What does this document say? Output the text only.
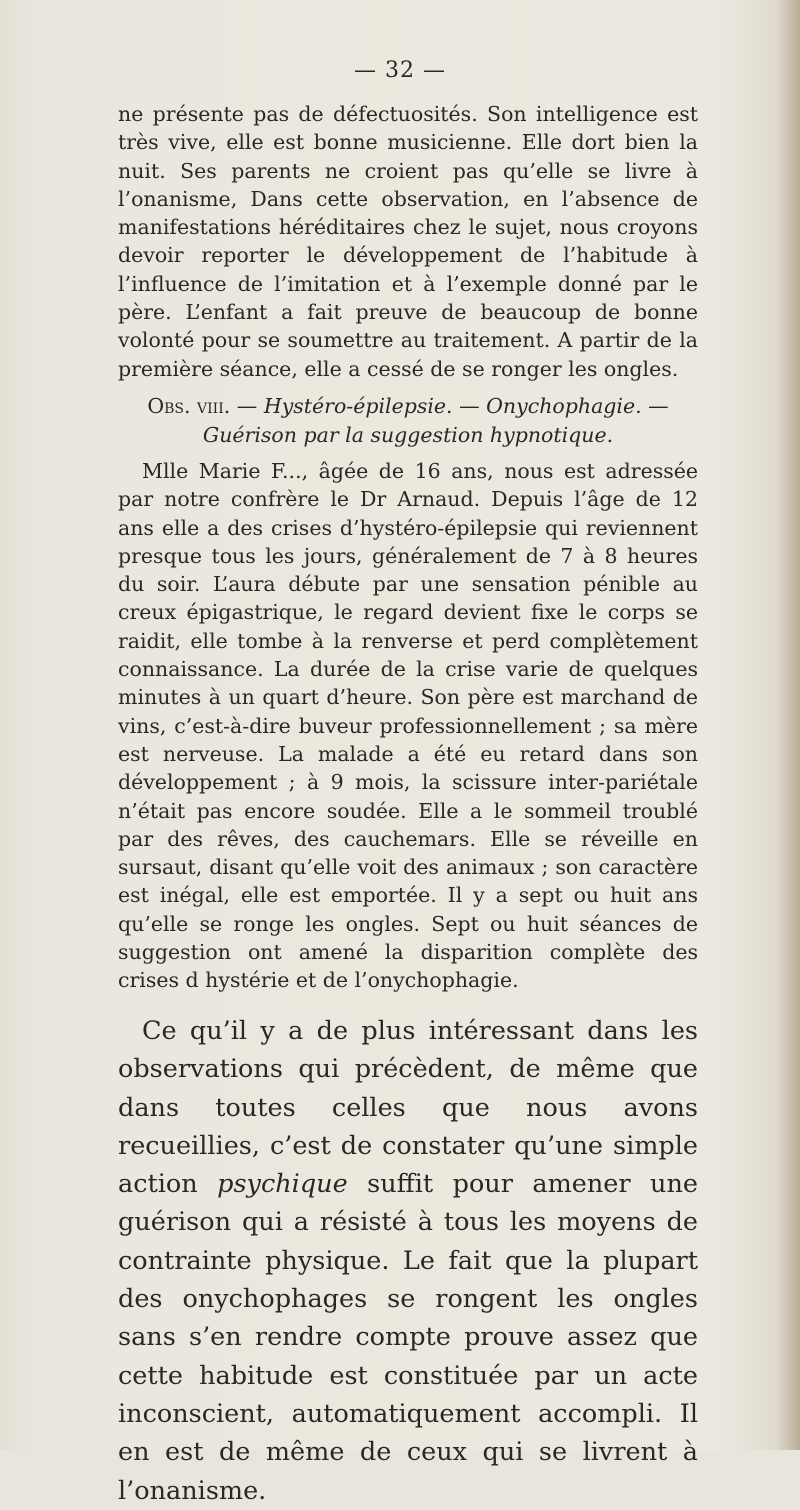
— 32 —

ne présente pas de défectuosités. Son intelligence est très vive, elle est bonne musicienne. Elle dort bien la nuit. Ses parents ne croient pas qu’elle se livre à l’onanisme, Dans cette observation, en l’absence de manifestations héréditaires chez le sujet, nous croyons devoir reporter le développement de l’habitude à l’influence de l’imitation et à l’exemple donné par le père. L’enfant a fait preuve de beaucoup de bonne volonté pour se soumettre au traitement. A partir de la première séance, elle a cessé de se ronger les ongles.

Obs. viii. — Hystéro-épilepsie. — Onychophagie. —
Guérison par la suggestion hypnotique.

Mlle Marie F..., âgée de 16 ans, nous est adressée par notre confrère le Dr Arnaud. Depuis l’âge de 12 ans elle a des crises d’hystéro-épilepsie qui reviennent presque tous les jours, généralement de 7 à 8 heures du soir. L’aura débute par une sensation pénible au creux épigastrique, le regard devient fixe le corps se raidit, elle tombe à la renverse et perd complètement connaissance. La durée de la crise varie de quelques minutes à un quart d’heure. Son père est marchand de vins, c’est-à-dire buveur professionnellement ; sa mère est nerveuse. La malade a été eu retard dans son développement ; à 9 mois, la scissure inter-pariétale n’était pas encore soudée. Elle a le sommeil troublé par des rêves, des cauchemars. Elle se réveille en sursaut, disant qu’elle voit des animaux ; son caractère est inégal, elle est emportée. Il y a sept ou huit ans qu’elle se ronge les ongles. Sept ou huit séances de suggestion ont amené la disparition complète des crises d hystérie et de l’onychophagie.

Ce qu’il y a de plus intéressant dans les observations qui précèdent, de même que dans toutes celles que nous avons recueillies, c’est de constater qu’une simple action psychique suffit pour amener une guérison qui a résisté à tous les moyens de contrainte physique. Le fait que la plupart des onychophages se rongent les ongles sans s’en rendre compte prouve assez que cette habitude est constituée par un acte inconscient, automatiquement accompli. Il en est de même de ceux qui se livrent à l’onanisme.
